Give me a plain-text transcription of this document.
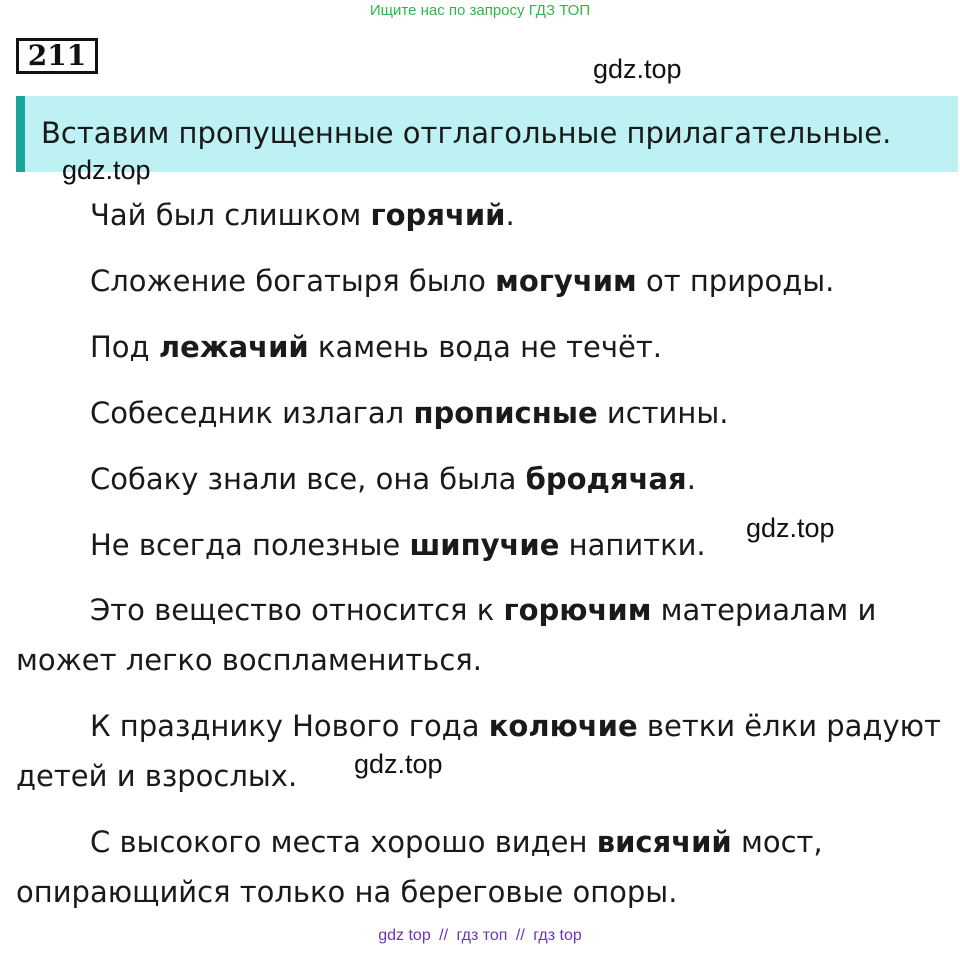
Ищите нас по запросу ГДЗ ТОП
211	gdz.top
Вставим пропущенные отглагольные прилагательные.
gdz.top

Чай был слишком горячий.

Сложение богатыря было могучим от природы.

Под лежачий камень вода не течёт.

Собеседник излагал прописные истины.

Собаку знали все, она была бродячая.

Не всегда полезные шипучие напитки.	gdz.top

Это вещество относится к горючим материалам и может легко воспламениться.

К празднику Нового года колючие ветки ёлки радуют детей и взрослых.	gdz.top

С высокого места хорошо виден висячий мост, опирающийся только на береговые опоры.

gdz top // гдз топ // гдз top
